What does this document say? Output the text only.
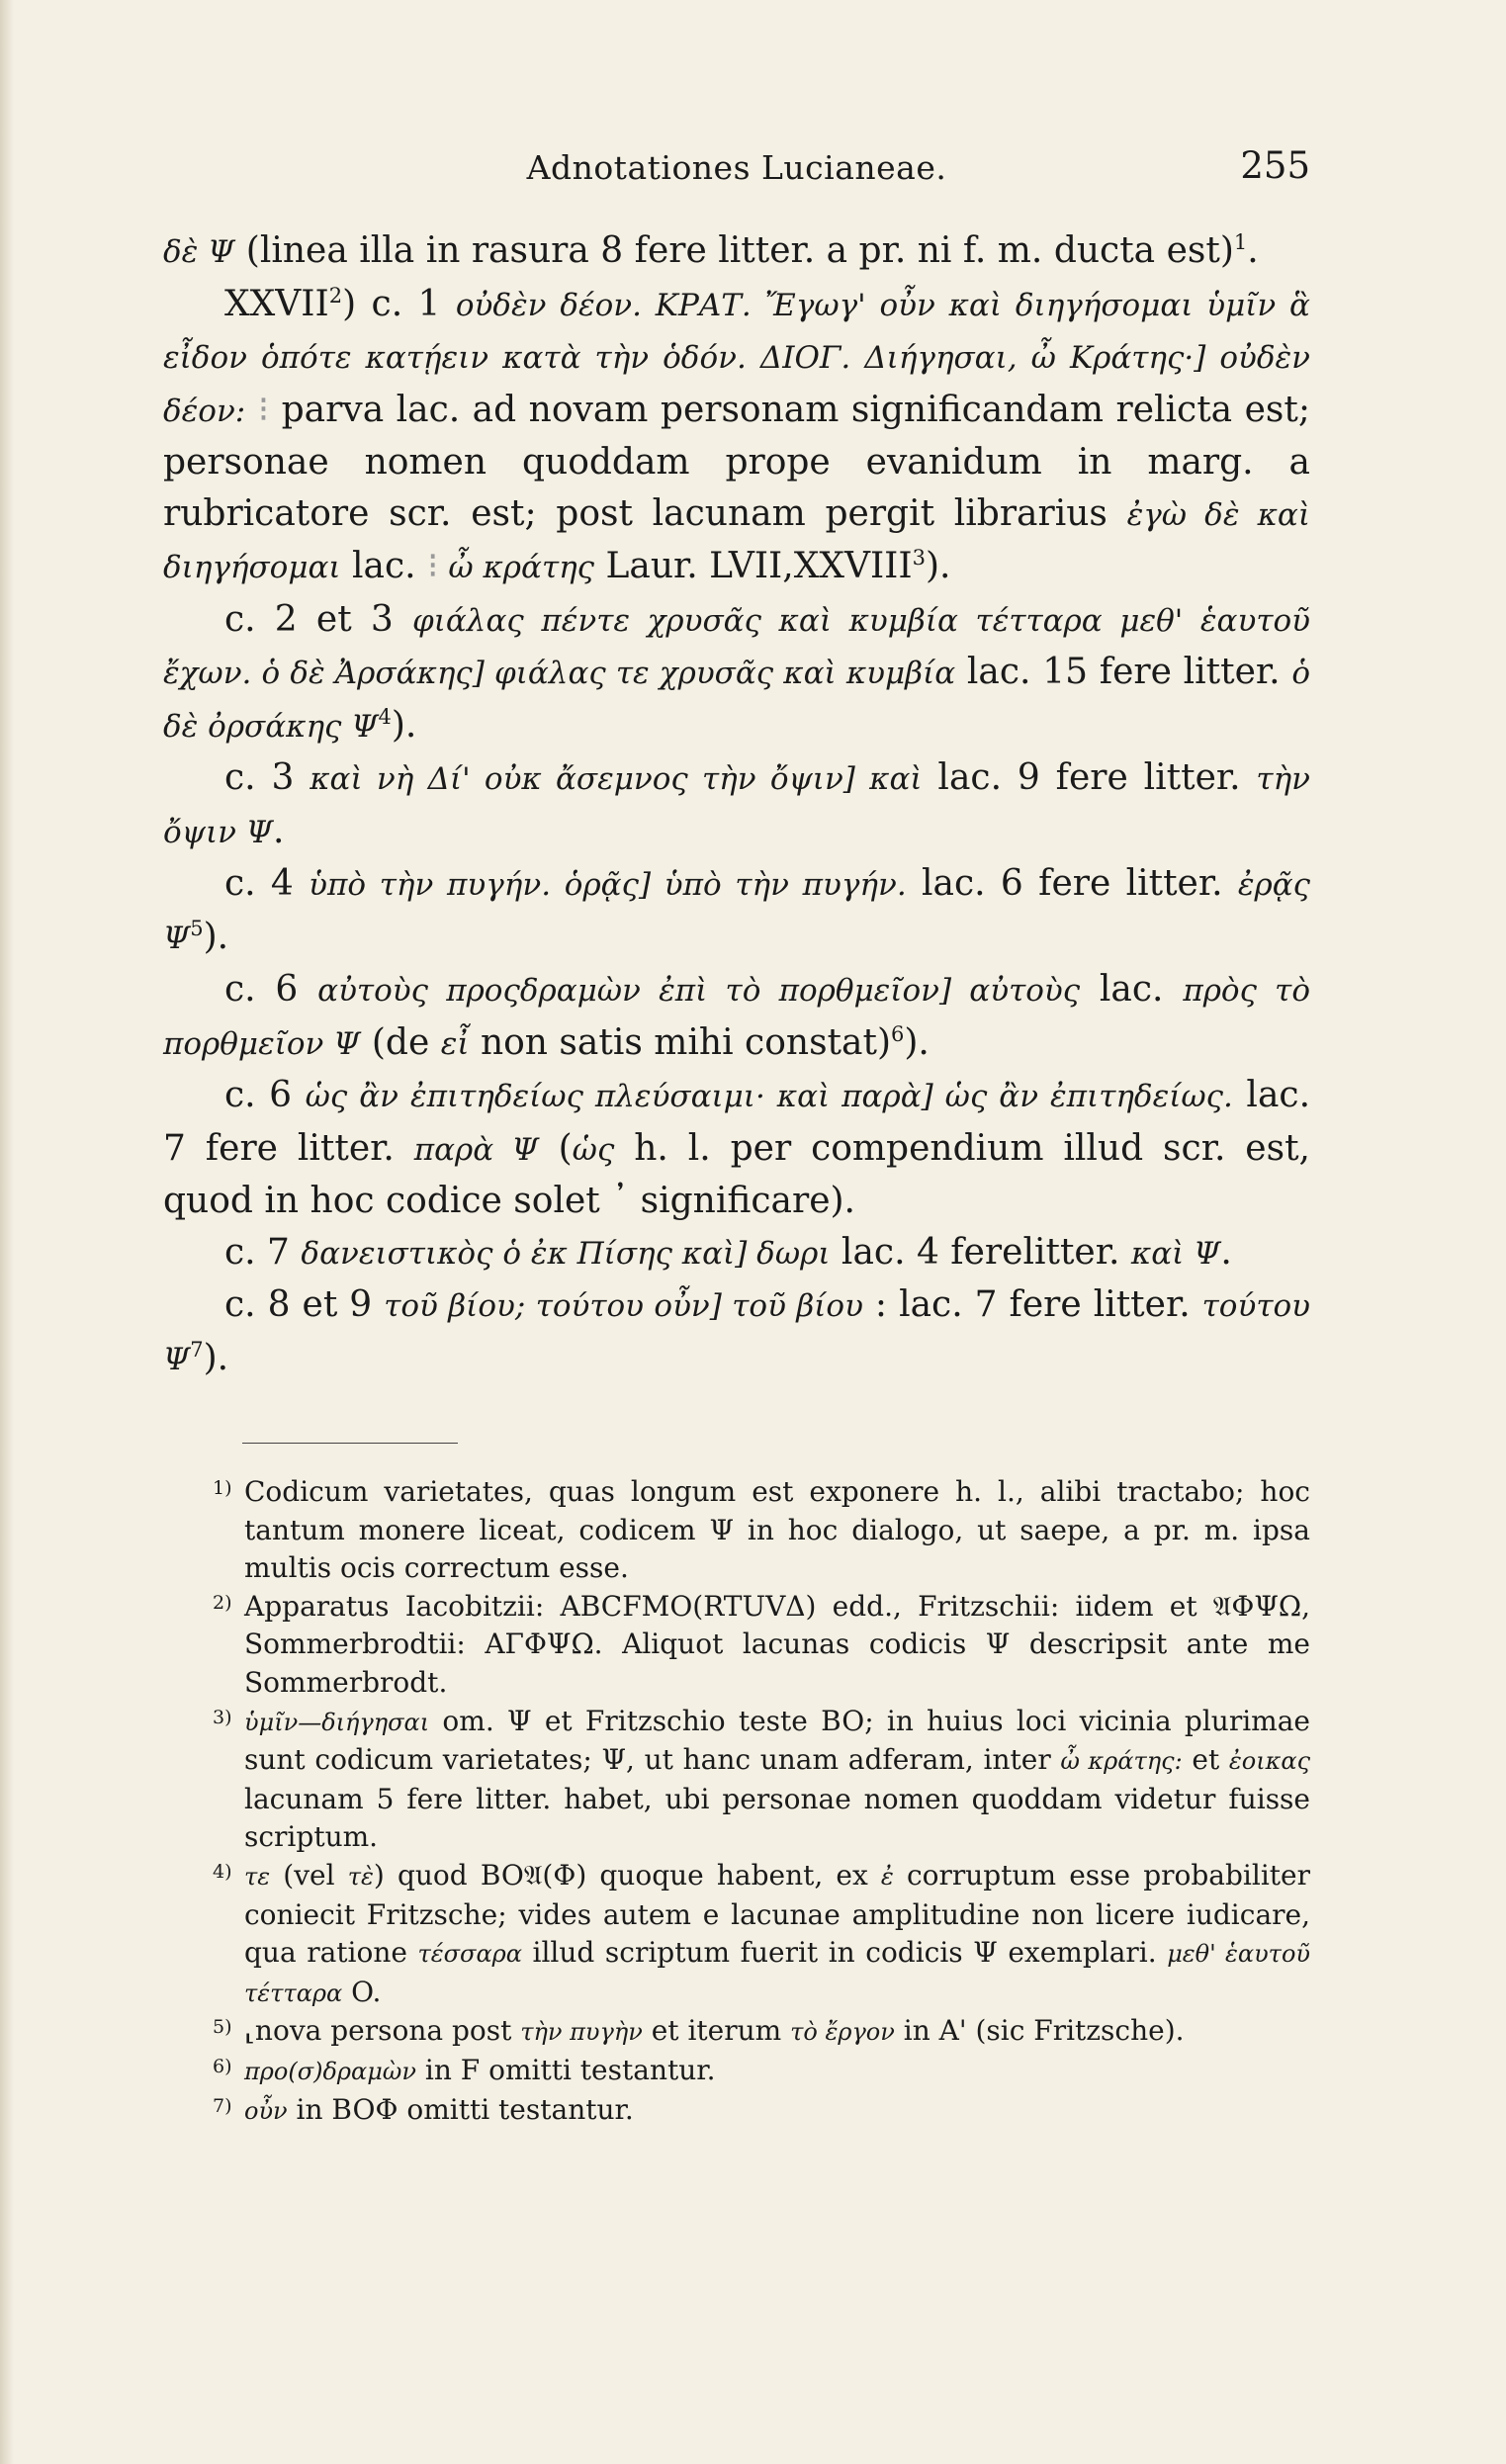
Adnotationes Lucianeae.	255

δὲ Ψ (linea illa in rasura 8 fere litter. a pr. ni f. m. ducta est)$^1$.

XXVII$^2$) c. 1 οὐδὲν δέον. ΚΡΑΤ. Ἔγωγ' οὖν καὶ διηγήσομαι ὑμῖν ἃ εἶδον ὁπότε κατῄειν κατὰ τὴν ὁδόν. ΔΙΟΓ. Διήγησαι, ὦ Κράτης·] οὐδὲν δέον: ⁝ parva lac. ad novam personam significandam relicta est; personae nomen quoddam prope evanidum in marg. a rubricatore scr. est; post lacunam pergit librarius ἐγὼ δὲ καὶ διηγήσομαι lac. ⁝ ὦ κράτης Laur. LVII,XXVIII$^3$).

c. 2 et 3 φιάλας πέντε χρυσᾶς καὶ κυμβία τέτταρα μεθ' ἑαυτοῦ ἔχων. ὁ δὲ Ἀρσάκης] φιάλας τε χρυσᾶς καὶ κυμβία lac. 15 fere litter. ὁ δὲ ὀρσάκης $\Psi^4$).

c. 3 καὶ νὴ Δί' οὐκ ἄσεμνος τὴν ὄψιν] καὶ lac. 9 fere litter. τὴν ὄψιν Ψ.

c. 4 ὑπὸ τὴν πυγήν. ὁρᾷς] ὑπὸ τὴν πυγήν. lac. 6 fere litter. ἐρᾷς $\Psi^5$).

c. 6 αὐτοὺς προςδραμὼν ἐπὶ τὸ πορθμεῖον] αὐτοὺς lac. πρὸς τὸ πορθμεῖον Ψ (de εἶ non satis mihi constat)$^6$).

c. 6 ὡς ἂν ἐπιτηδείως πλεύσαιμι· καὶ παρὰ] ὡς ἂν ἐπιτηδείως. lac. 7 fere litter. παρὰ Ψ (ὡς h. l. per compendium illud scr. est, quod in hoc codice solet ᾿ significare).

c. 7 δανειστικὸς ὁ ἐκ Πίσης καὶ] δωρι lac. 4 ferelitter. καὶ Ψ.

c. 8 et 9 τοῦ βίου; τούτου οὖν] τοῦ βίου : lac. 7 fere litter. τούτου $\Psi^7$).

1) Codicum varietates, quas longum est exponere h. l., alibi tractabo; hoc tantum monere liceat, codicem Ψ in hoc dialogo, ut saepe, a pr. m. ipsa multis ocis correctum esse.
2) Apparatus Iacobitzii: ABCFMO(RTUVΔ) edd., Fritzschii: iidem et 𝔄ΦΨΩ, Sommerbrodtii: ΑΓΦΨΩ. Aliquot lacunas codicis Ψ descripsit ante me Sommerbrodt.
3) ὑμῖν—διήγησαι om. Ψ et Fritzschio teste BO; in huius loci vicinia plurimae sunt codicum varietates; Ψ, ut hanc unam adferam, inter ὦ κράτης: et ἐοικας lacunam 5 fere litter. habet, ubi personae nomen quoddam videtur fuisse scriptum.
4) τε (vel τὲ) quod BO𝔄(Φ) quoque habent, ex ἐ corruptum esse probabiliter coniecit Fritzsche; vides autem e lacunae amplitudine non licere iudicare, qua ratione τέσσαρα illud scriptum fuerit in codicis Ψ exemplari. μεθ' ἑαυτοῦ τέτταρα O.
5) ⸤nova persona post τὴν πυγὴν et iterum τὸ ἔργον in A' (sic Fritzsche).
6) προ(σ)δραμὼν in F omitti testantur.
7) οὖν in BOΦ omitti testantur.
